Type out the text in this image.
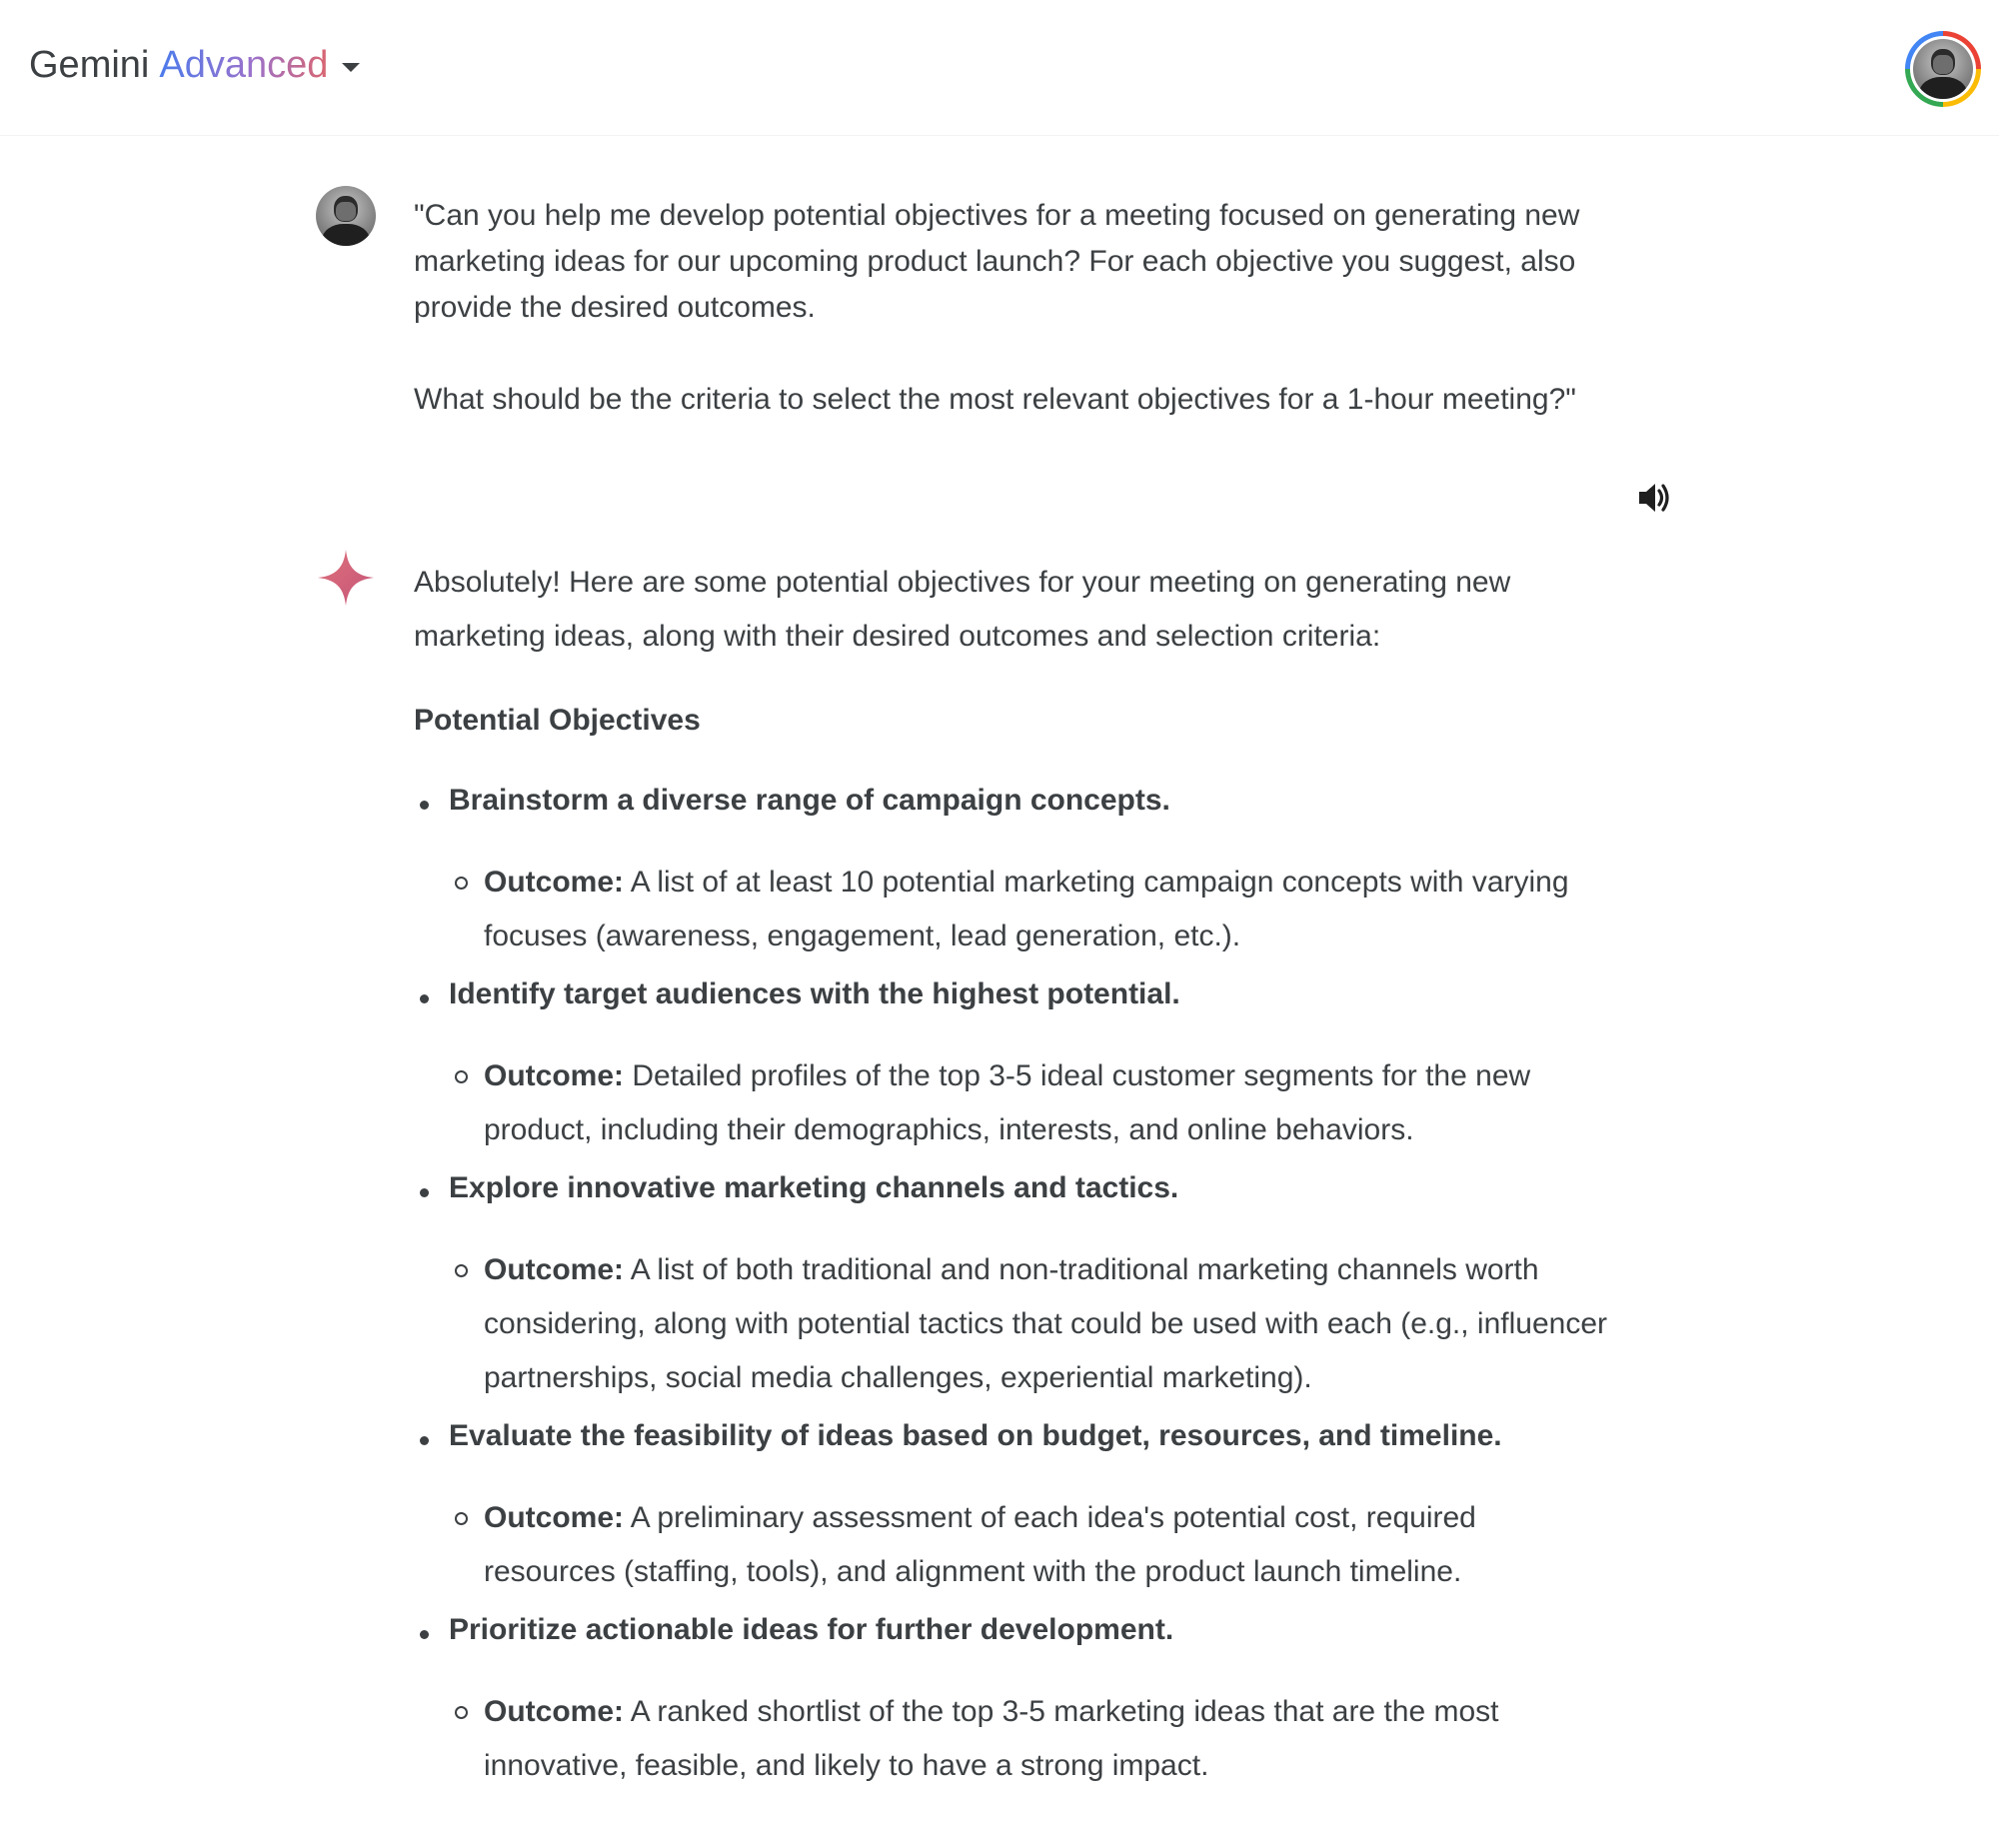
Gemini Advanced

"Can you help me develop potential objectives for a meeting focused on generating new marketing ideas for our upcoming product launch? For each objective you suggest, also provide the desired outcomes.

What should be the criteria to select the most relevant objectives for a 1-hour meeting?"

Absolutely! Here are some potential objectives for your meeting on generating new marketing ideas, along with their desired outcomes and selection criteria:

Potential Objectives
Brainstorm a diverse range of campaign concepts.
Outcome: A list of at least 10 potential marketing campaign concepts with varying focuses (awareness, engagement, lead generation, etc.).
Identify target audiences with the highest potential.
Outcome: Detailed profiles of the top 3-5 ideal customer segments for the new product, including their demographics, interests, and online behaviors.
Explore innovative marketing channels and tactics.
Outcome: A list of both traditional and non-traditional marketing channels worth considering, along with potential tactics that could be used with each (e.g., influencer partnerships, social media challenges, experiential marketing).
Evaluate the feasibility of ideas based on budget, resources, and timeline.
Outcome: A preliminary assessment of each idea's potential cost, required resources (staffing, tools), and alignment with the product launch timeline.
Prioritize actionable ideas for further development.
Outcome: A ranked shortlist of the top 3-5 marketing ideas that are the most innovative, feasible, and likely to have a strong impact.
